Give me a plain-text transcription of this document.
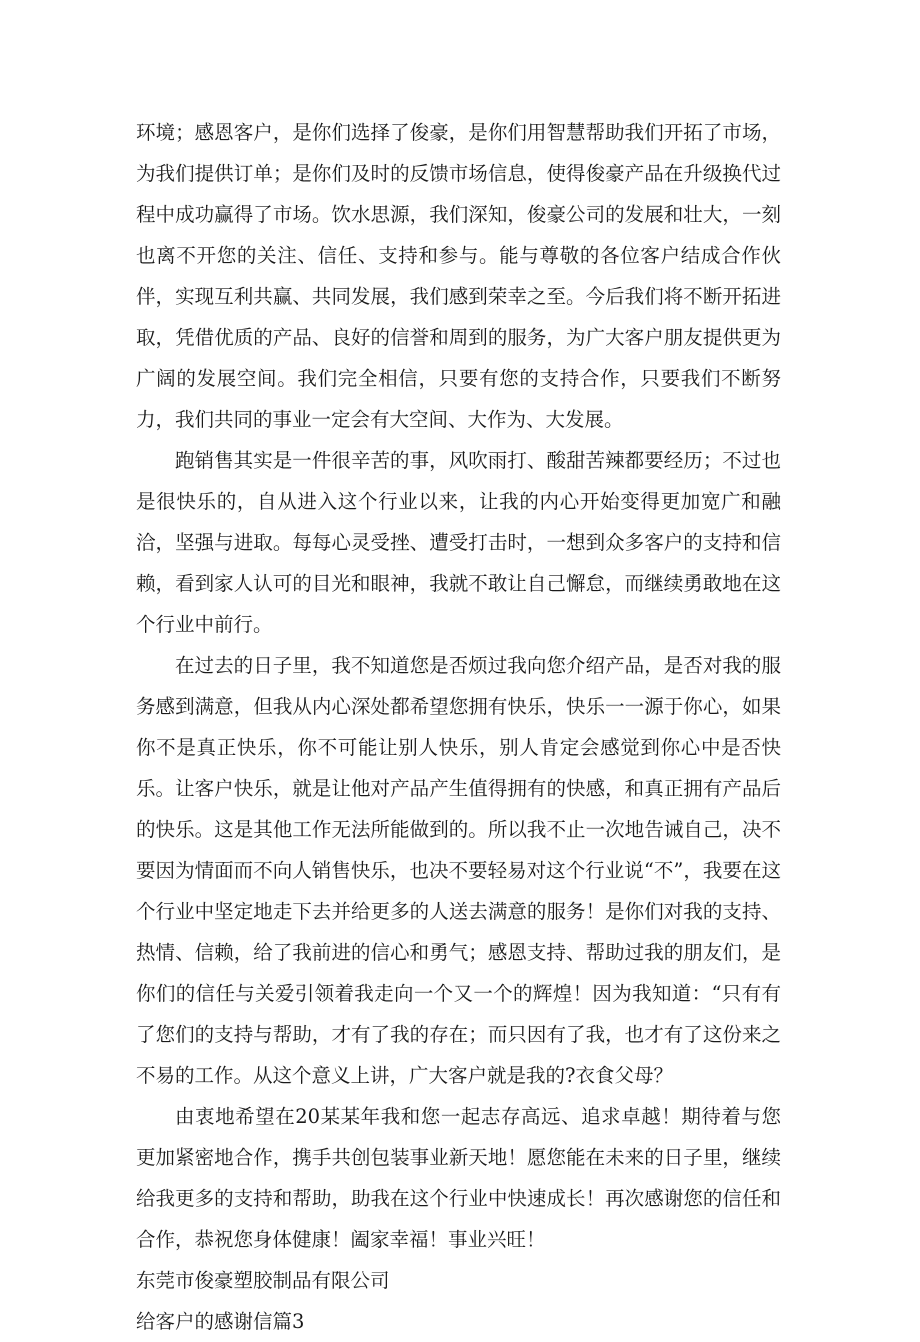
环境；感恩客户，是你们选择了俊豪，是你们用智慧帮助我们开拓了市场，为我们提供订单；是你们及时的反馈市场信息，使得俊豪产品在升级换代过程中成功赢得了市场。饮水思源，我们深知，俊豪公司的发展和壮大，一刻也离不开您的关注、信任、支持和参与。能与尊敬的各位客户结成合作伙伴，实现互利共赢、共同发展，我们感到荣幸之至。今后我们将不断开拓进取，凭借优质的产品、良好的信誉和周到的服务，为广大客户朋友提供更为广阔的发展空间。我们完全相信，只要有您的支持合作，只要我们不断努力，我们共同的事业一定会有大空间、大作为、大发展。

跑销售其实是一件很辛苦的事，风吹雨打、酸甜苦辣都要经历；不过也是很快乐的，自从进入这个行业以来，让我的内心开始变得更加宽广和融洽，坚强与进取。每每心灵受挫、遭受打击时，一想到众多客户的支持和信赖，看到家人认可的目光和眼神，我就不敢让自己懈怠，而继续勇敢地在这个行业中前行。

在过去的日子里，我不知道您是否烦过我向您介绍产品，是否对我的服务感到满意，但我从内心深处都希望您拥有快乐，快乐一一源于你心，如果你不是真正快乐，你不可能让别人快乐，别人肯定会感觉到你心中是否快乐。让客户快乐，就是让他对产品产生值得拥有的快感，和真正拥有产品后的快乐。这是其他工作无法所能做到的。所以我不止一次地告诫自己，决不要因为情面而不向人销售快乐，也决不要轻易对这个行业说“不”，我要在这个行业中坚定地走下去并给更多的人送去满意的服务！是你们对我的支持、热情、信赖，给了我前进的信心和勇气；感恩支持、帮助过我的朋友们，是你们的信任与关爱引领着我走向一个又一个的辉煌！因为我知道：“只有有了您们的支持与帮助，才有了我的存在；而只因有了我，也才有了这份来之不易的工作。从这个意义上讲，广大客户就是我的?衣食父母？

由衷地希望在20某某年我和您一起志存高远、追求卓越！期待着与您更加紧密地合作，携手共创包装事业新天地！愿您能在未来的日子里，继续给我更多的支持和帮助，助我在这个行业中快速成长！再次感谢您的信任和合作，恭祝您身体健康！阖家幸福！事业兴旺！

东莞市俊豪塑胶制品有限公司

给客户的感谢信篇3
